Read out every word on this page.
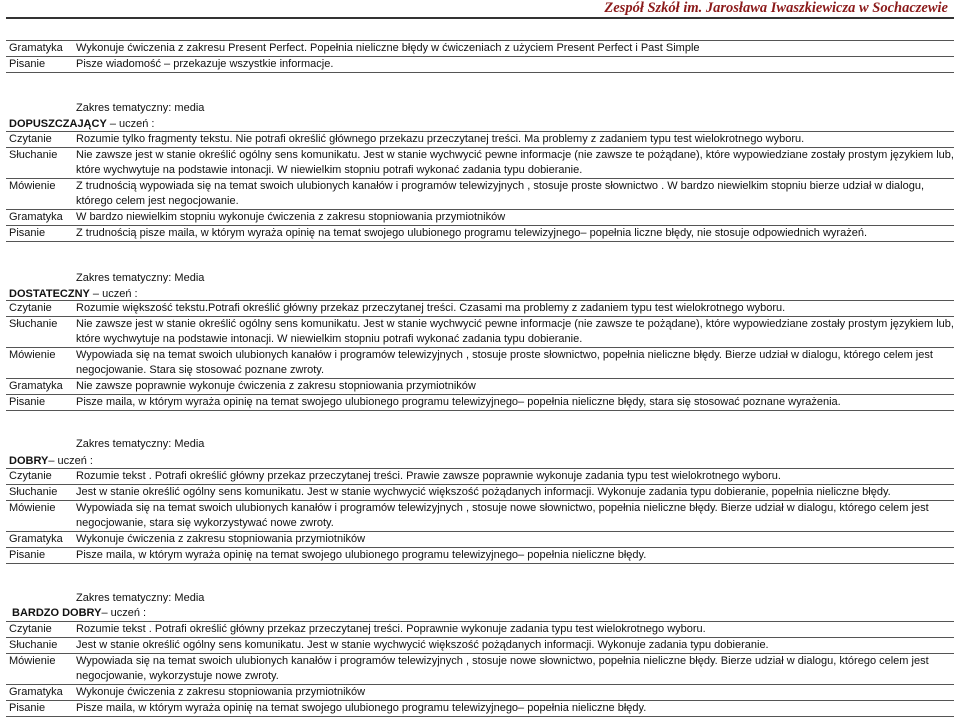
Zespół Szkół im. Jarosława Iwaszkiewicza w Sochaczewie
Gramatyka	Wykonuje ćwiczenia z zakresu Present Perfect. Popełnia nieliczne błędy w ćwiczeniach z użyciem Present Perfect i Past Simple
Pisanie	Pisze wiadomość – przekazuje wszystkie informacje.
Zakres tematyczny: media
DOPUSZCZAJĄCY – uczeń :
Czytanie	Rozumie tylko fragmenty tekstu. Nie potrafi określić głównego przekazu przeczytanej treści. Ma problemy z zadaniem typu test wielokrotnego wyboru.
Słuchanie	Nie zawsze jest w stanie określić ogólny sens komunikatu. Jest w stanie wychwycić pewne informacje (nie zawsze te pożądane), które wypowiedziane zostały prostym językiem lub, które wychwytuje na podstawie intonacji. W niewielkim stopniu potrafi wykonać zadania typu dobieranie.
Mówienie	Z trudnością wypowiada się na temat swoich ulubionych kanałów i programów telewizyjnych , stosuje proste słownictwo . W bardzo niewielkim stopniu bierze udział w dialogu, którego celem jest negocjowanie.
Gramatyka	W bardzo niewielkim stopniu wykonuje ćwiczenia z zakresu stopniowania przymiotników
Pisanie	Z trudnością pisze maila, w którym wyraża opinię na temat swojego ulubionego programu telewizyjnego– popełnia liczne błędy, nie stosuje odpowiednich wyrażeń.
Zakres tematyczny: Media
DOSTATECZNY – uczeń :
Czytanie	Rozumie większość tekstu.Potrafi określić główny przekaz przeczytanej treści. Czasami ma problemy z zadaniem typu test wielokrotnego wyboru.
Słuchanie	Nie zawsze jest w stanie określić ogólny sens komunikatu. Jest w stanie wychwycić pewne informacje (nie zawsze te pożądane), które wypowiedziane zostały prostym językiem lub, które wychwytuje na podstawie intonacji. W niewielkim stopniu potrafi wykonać zadania typu dobieranie.
Mówienie	Wypowiada się na temat swoich ulubionych kanałów i programów telewizyjnych , stosuje proste słownictwo, popełnia nieliczne błędy. Bierze udział w dialogu, którego celem jest negocjowanie. Stara się stosować poznane zwroty.
Gramatyka	Nie zawsze poprawnie wykonuje ćwiczenia z zakresu stopniowania przymiotników
Pisanie	Pisze maila, w którym wyraża opinię na temat swojego ulubionego programu telewizyjnego– popełnia nieliczne błędy, stara się stosować poznane wyrażenia.
Zakres tematyczny: Media
DOBRY– uczeń :
Czytanie	Rozumie tekst . Potrafi określić główny przekaz przeczytanej treści. Prawie zawsze poprawnie wykonuje zadania typu test wielokrotnego wyboru.
Słuchanie	Jest w stanie określić ogólny sens komunikatu. Jest w stanie wychwycić większość pożądanych informacji. Wykonuje zadania typu dobieranie, popełnia nieliczne błędy.
Mówienie	Wypowiada się na temat swoich ulubionych kanałów i programów telewizyjnych , stosuje nowe słownictwo, popełnia nieliczne błędy. Bierze udział w dialogu, którego celem jest negocjowanie, stara się wykorzystywać nowe zwroty.
Gramatyka	Wykonuje ćwiczenia z zakresu stopniowania przymiotników
Pisanie	Pisze maila, w którym wyraża opinię na temat swojego ulubionego programu telewizyjnego– popełnia nieliczne błędy.
Zakres tematyczny: Media
BARDZO DOBRY– uczeń :
Czytanie	Rozumie tekst . Potrafi określić główny przekaz przeczytanej treści. Poprawnie wykonuje zadania typu test wielokrotnego wyboru.
Słuchanie	Jest w stanie określić ogólny sens komunikatu. Jest w stanie wychwycić większość pożądanych informacji. Wykonuje zadania typu dobieranie.
Mówienie	Wypowiada się na temat swoich ulubionych kanałów i programów telewizyjnych , stosuje nowe słownictwo, popełnia nieliczne błędy. Bierze udział w dialogu, którego celem jest negocjowanie, wykorzystuje nowe zwroty.
Gramatyka	Wykonuje ćwiczenia z zakresu stopniowania przymiotników
Pisanie	Pisze maila, w którym wyraża opinię na temat swojego ulubionego programu telewizyjnego– popełnia nieliczne błędy.
